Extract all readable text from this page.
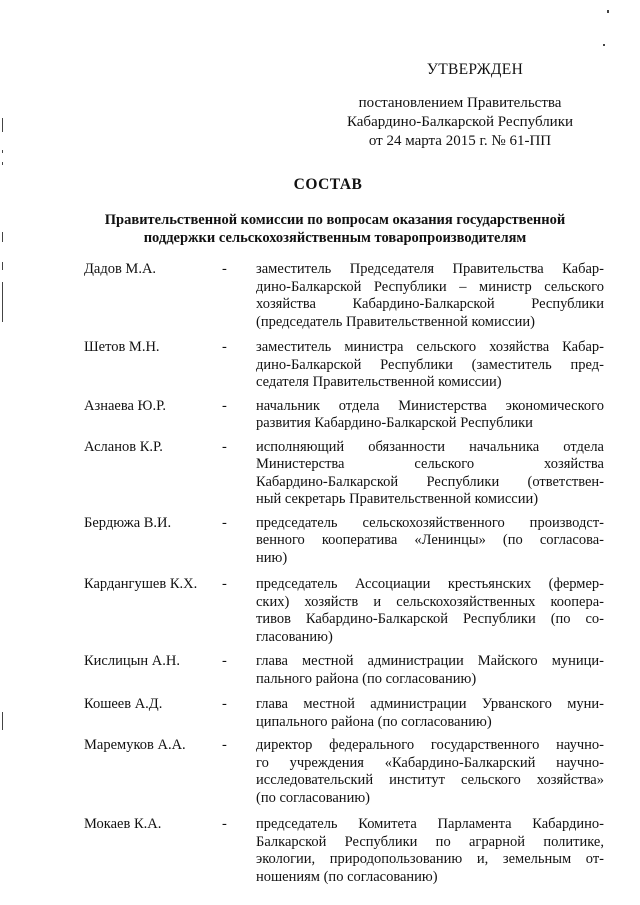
УТВЕРЖДЕН
постановлением Правительства
Кабардино-Балкарской Республики
от 24 марта 2015 г. № 61-ПП
СОСТАВ
Правительственной комиссии по вопросам оказания государственной
поддержки сельскохозяйственным товаропроизводителям
Дадов М.А.	-	заместитель Председателя Правительства Кабар-
дино-Балкарской Республики – министр сельского
хозяйства Кабардино-Балкарской Республики
(председатель Правительственной комиссии)
Шетов М.Н.	-	заместитель министра сельского хозяйства Кабар-
дино-Балкарской Республики (заместитель пред-
седателя Правительственной комиссии)
Азнаева Ю.Р.	-	начальник отдела Министерства экономического
развития Кабардино-Балкарской Республики
Асланов К.Р.	-	исполняющий обязанности начальника отдела
Министерства сельского хозяйства
Кабардино-Балкарской Республики (ответствен-
ный секретарь Правительственной комиссии)
Бердюжа В.И.	-	председатель сельскохозяйственного производст-
венного кооператива «Ленинцы» (по согласова-
нию)
Кардангушев К.Х.	-	председатель Ассоциации крестьянских (фермер-
ских) хозяйств и сельскохозяйственных коопера-
тивов Кабардино-Балкарской Республики (по со-
гласованию)
Кислицын А.Н.	-	глава местной администрации Майского муници-
пального района (по согласованию)
Кошеев А.Д.	-	глава местной администрации Урванского муни-
ципального района (по согласованию)
Маремуков А.А.	-	директор федерального государственного научно-
го учреждения «Кабардино-Балкарский научно-
исследовательский институт сельского хозяйства»
(по согласованию)
Мокаев К.А.	-	председатель Комитета Парламента Кабардино-
Балкарской Республики по аграрной политике,
экологии, природопользованию и, земельным от-
ношениям (по согласованию)
